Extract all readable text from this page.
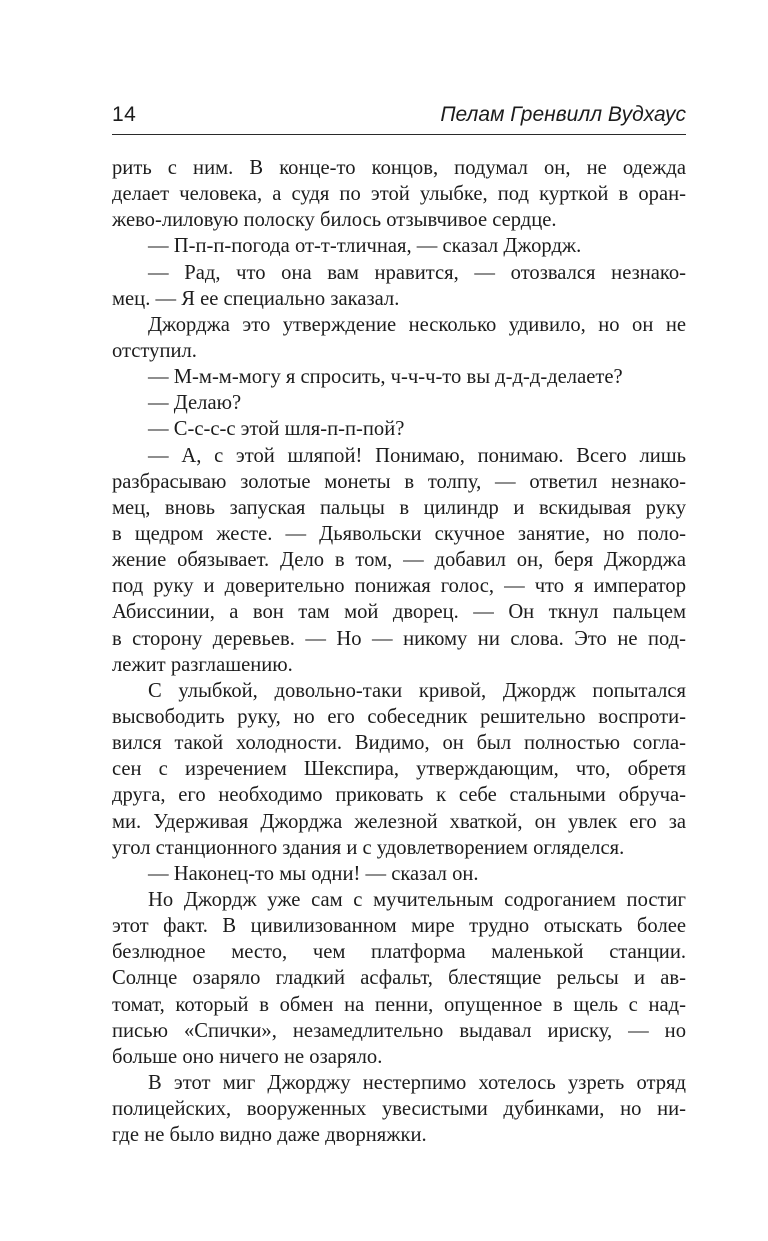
14	Пелам Гренвилл Вудхаус
рить с ним. В конце-то концов, подумал он, не одежда
делает человека, а судя по этой улыбке, под курткой в оран-
жево-лиловую полоску билось отзывчивое сердце.
— П-п-п-погода от-т-тличная, — сказал Джордж.
— Рад, что она вам нравится, — отозвался незнако-
мец. — Я ее специально заказал.
Джорджа это утверждение несколько удивило, но он не
отступил.
— М-м-м-могу я спросить, ч-ч-ч-то вы д-д-д-делаете?
— Делаю?
— С-с-с-с этой шля-п-п-пой?
— А, с этой шляпой! Понимаю, понимаю. Всего лишь
разбрасываю золотые монеты в толпу, — ответил незнако-
мец, вновь запуская пальцы в цилиндр и вскидывая руку
в щедром жесте. — Дьявольски скучное занятие, но поло-
жение обязывает. Дело в том, — добавил он, беря Джорджа
под руку и доверительно понижая голос, — что я император
Абиссинии, а вон там мой дворец. — Он ткнул пальцем
в сторону деревьев. — Но — никому ни слова. Это не под-
лежит разглашению.
С улыбкой, довольно-таки кривой, Джордж попытался
высвободить руку, но его собеседник решительно воспроти-
вился такой холодности. Видимо, он был полностью согла-
сен с изречением Шекспира, утверждающим, что, обретя
друга, его необходимо приковать к себе стальными обруча-
ми. Удерживая Джорджа железной хваткой, он увлек его за
угол станционного здания и с удовлетворением огляделся.
— Наконец-то мы одни! — сказал он.
Но Джордж уже сам с мучительным содроганием постиг
этот факт. В цивилизованном мире трудно отыскать более
безлюдное место, чем платформа маленькой станции.
Солнце озаряло гладкий асфальт, блестящие рельсы и ав-
томат, который в обмен на пенни, опущенное в щель с над-
писью «Спички», незамедлительно выдавал ириску, — но
больше оно ничего не озаряло.
В этот миг Джорджу нестерпимо хотелось узреть отряд
полицейских, вооруженных увесистыми дубинками, но ни-
где не было видно даже дворняжки.
